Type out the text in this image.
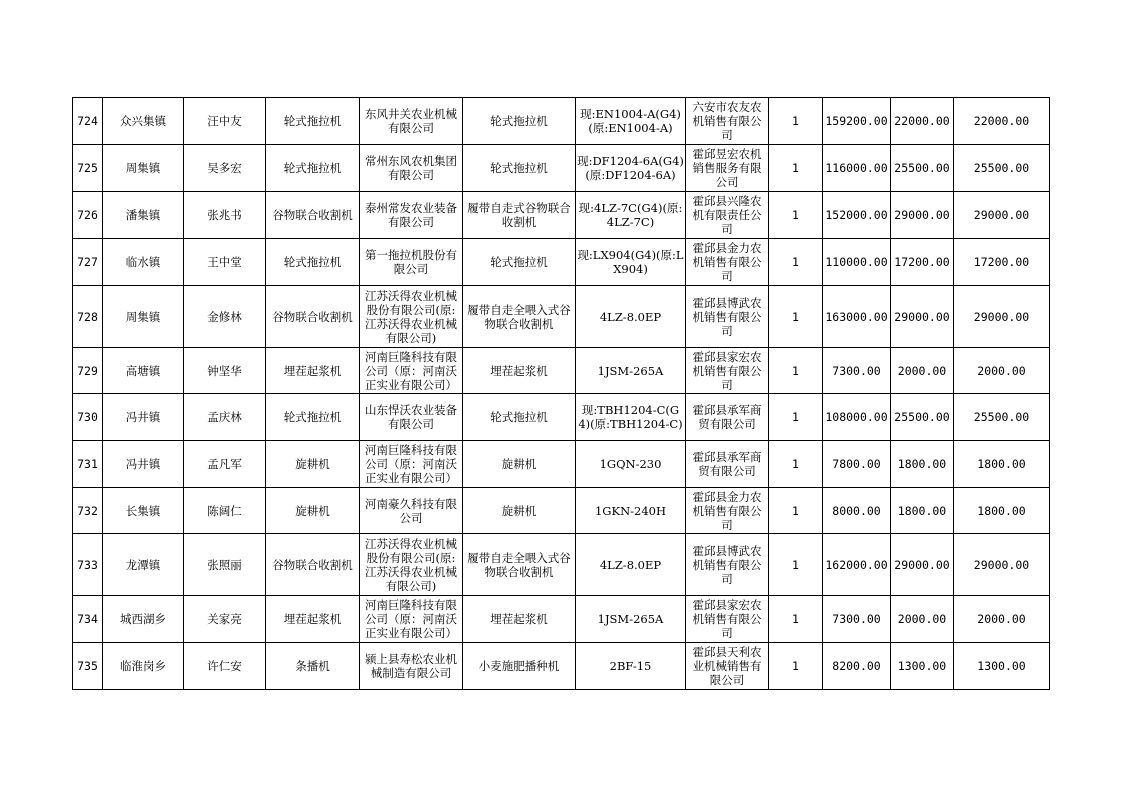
724	众兴集镇	汪中友	轮式拖拉机	东风井关农业机械有限公司	轮式拖拉机	现:EN1004-A(G4)(原:EN1004-A)	六安市农友农机销售有限公司	1	159200.00	22000.00	22000.00
725	周集镇	吴多宏	轮式拖拉机	常州东风农机集团有限公司	轮式拖拉机	现:DF1204-6A(G4)(原:DF1204-6A)	霍邱昱宏农机销售服务有限公司	1	116000.00	25500.00	25500.00
726	潘集镇	张兆书	谷物联合收割机	泰州常发农业装备有限公司	履带自走式谷物联合收割机	现:4LZ-7C(G4)(原:4LZ-7C)	霍邱县兴隆农机有限责任公司	1	152000.00	29000.00	29000.00
727	临水镇	王中堂	轮式拖拉机	第一拖拉机股份有限公司	轮式拖拉机	现:LX904(G4)(原:LX904)	霍邱县金力农机销售有限公司	1	110000.00	17200.00	17200.00
728	周集镇	金修林	谷物联合收割机	江苏沃得农业机械股份有限公司(原:江苏沃得农业机械有限公司)	履带自走全喂入式谷物联合收割机	4LZ-8.0EP	霍邱县博武农机销售有限公司	1	163000.00	29000.00	29000.00
729	高塘镇	钟坚华	埋茬起浆机	河南巨隆科技有限公司（原：河南沃正实业有限公司）	埋茬起浆机	1JSM-265A	霍邱县家宏农机销售有限公司	1	7300.00	2000.00	2000.00
730	冯井镇	孟庆林	轮式拖拉机	山东悍沃农业装备有限公司	轮式拖拉机	现:TBH1204-C(G4)(原:TBH1204-C)	霍邱县承军商贸有限公司	1	108000.00	25500.00	25500.00
731	冯井镇	孟凡军	旋耕机	河南巨隆科技有限公司（原：河南沃正实业有限公司）	旋耕机	1GQN-230	霍邱县承军商贸有限公司	1	7800.00	1800.00	1800.00
732	长集镇	陈阔仁	旋耕机	河南豪久科技有限公司	旋耕机	1GKN-240H	霍邱县金力农机销售有限公司	1	8000.00	1800.00	1800.00
733	龙潭镇	张照丽	谷物联合收割机	江苏沃得农业机械股份有限公司(原:江苏沃得农业机械有限公司)	履带自走全喂入式谷物联合收割机	4LZ-8.0EP	霍邱县博武农机销售有限公司	1	162000.00	29000.00	29000.00
734	城西湖乡	关家亮	埋茬起浆机	河南巨隆科技有限公司（原：河南沃正实业有限公司）	埋茬起浆机	1JSM-265A	霍邱县家宏农机销售有限公司	1	7300.00	2000.00	2000.00
735	临淮岗乡	许仁安	条播机	颍上县寿松农业机械制造有限公司	小麦施肥播种机	2BF-15	霍邱县天利农业机械销售有限公司	1	8200.00	1300.00	1300.00
